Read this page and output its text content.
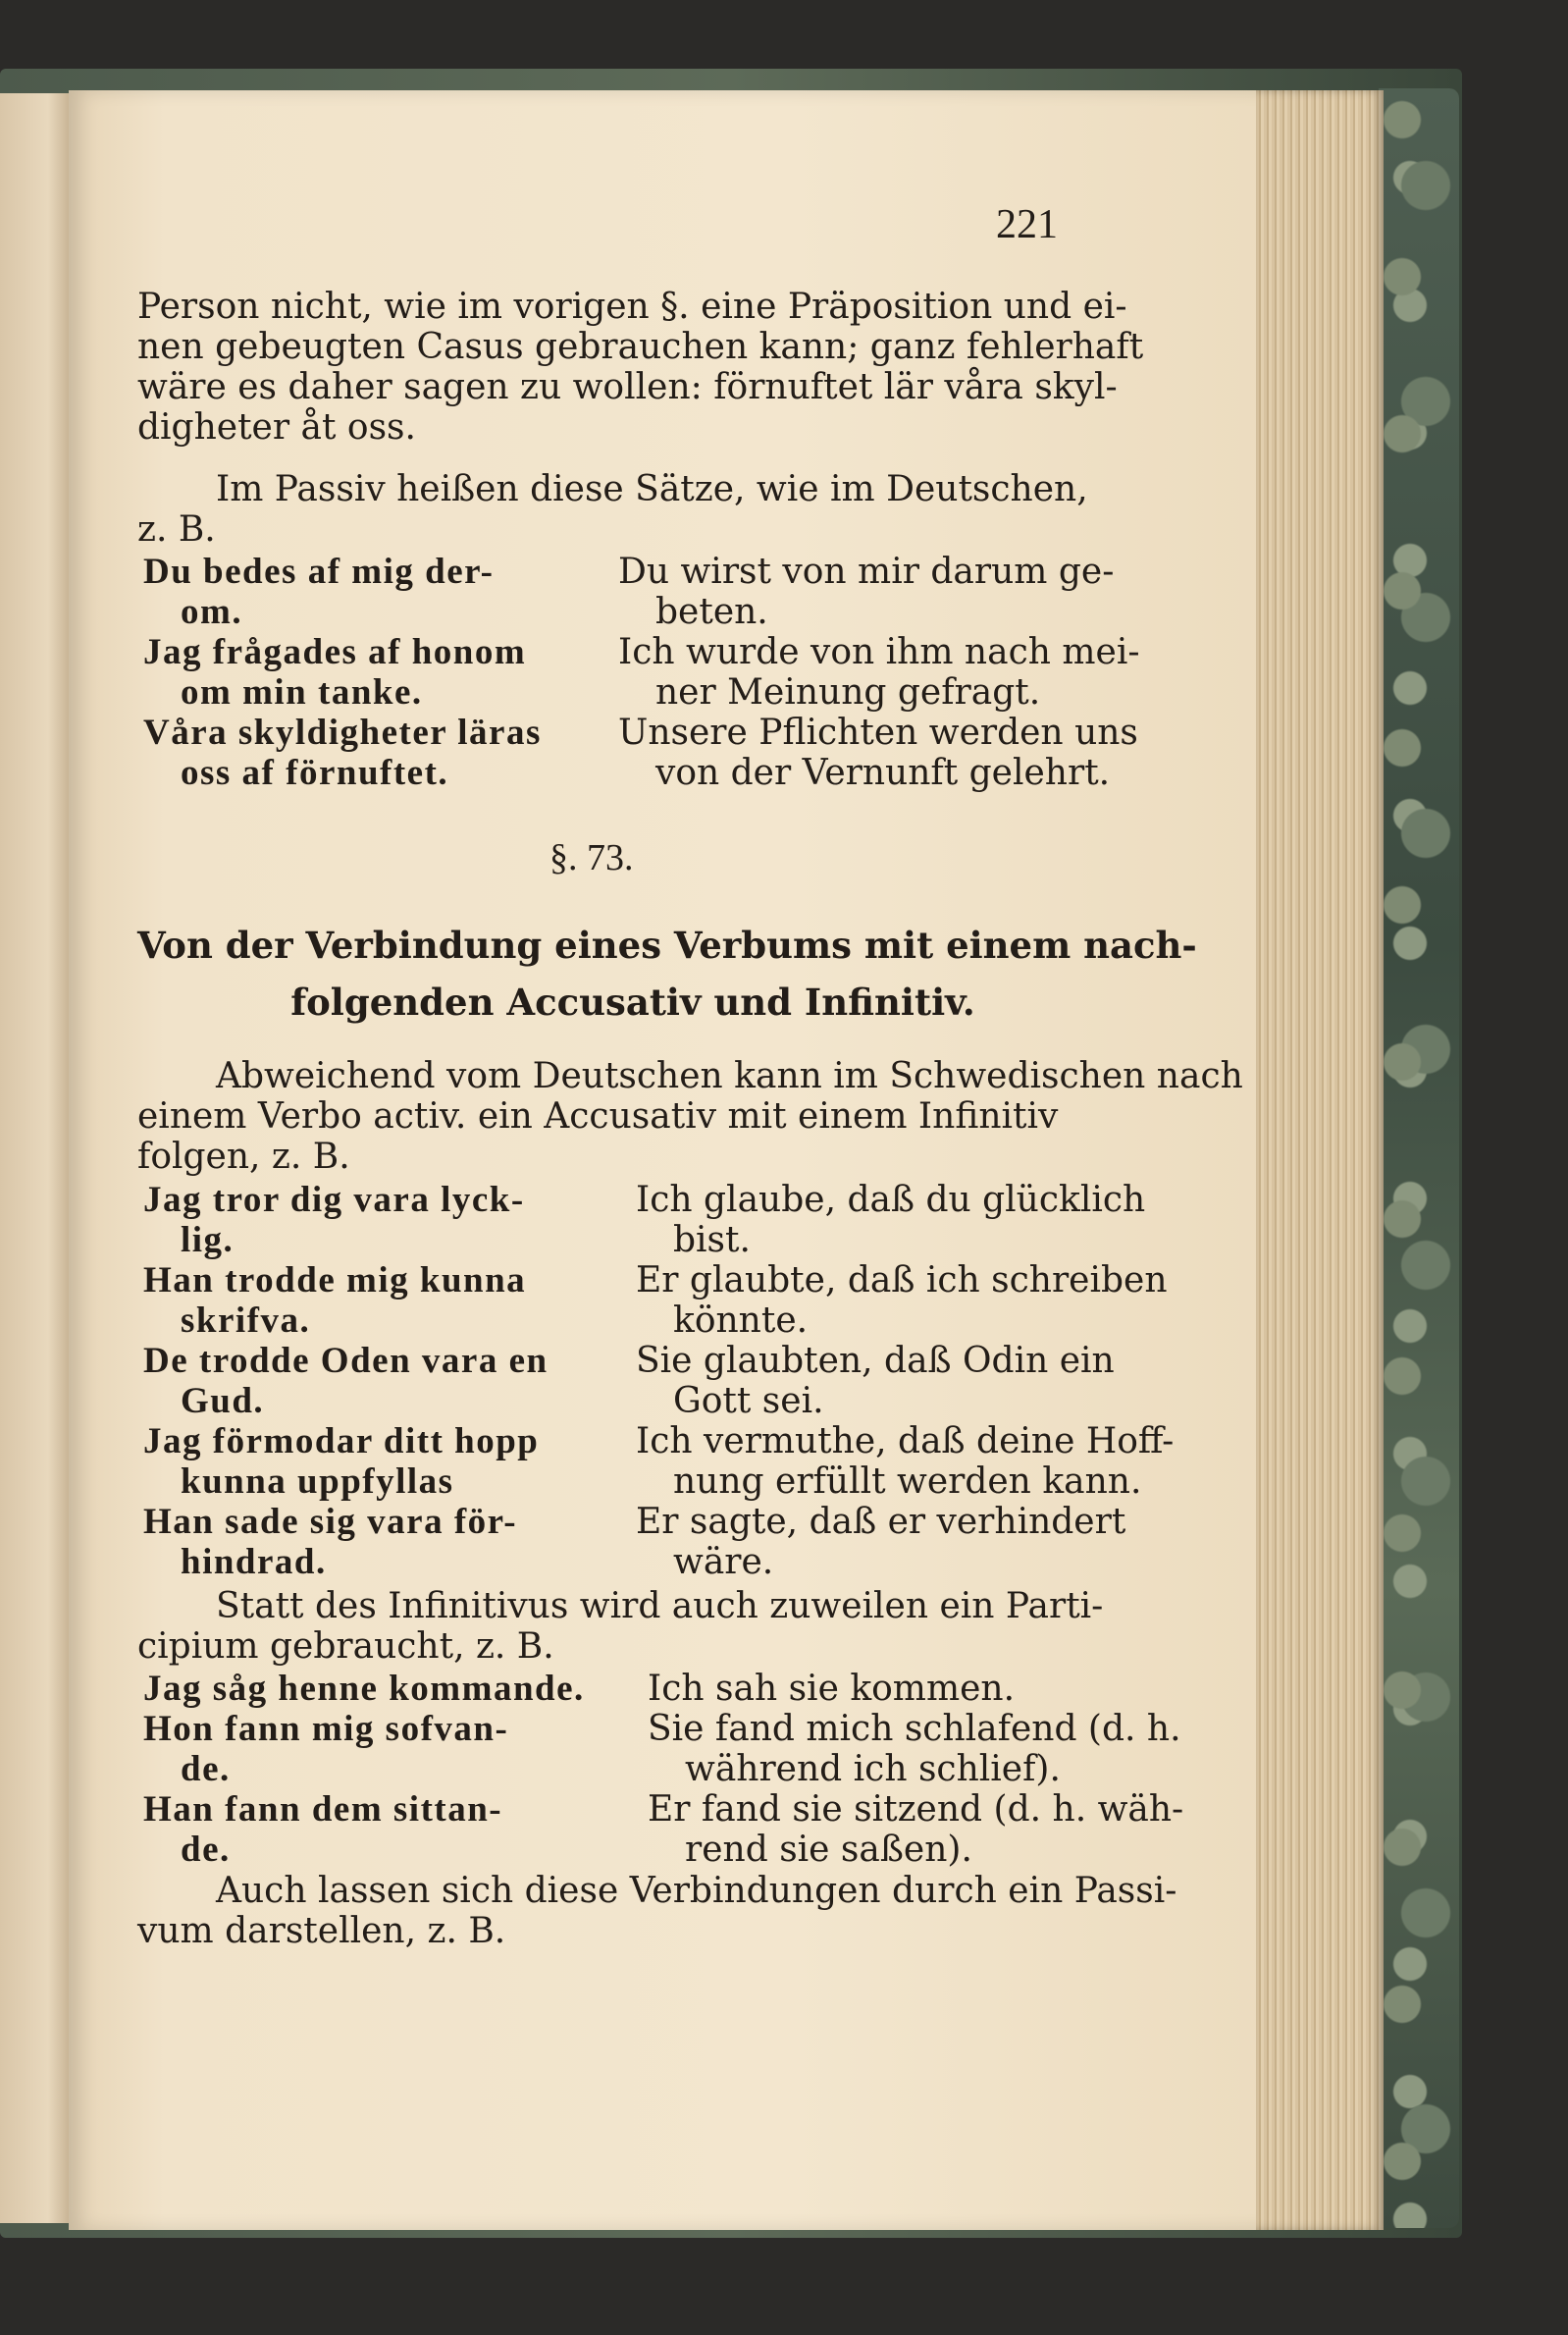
221
Person nicht, wie im vorigen §. eine Präposition und ei-
nen gebeugten Casus gebrauchen kann; ganz fehlerhaft
wäre es daher sagen zu wollen: förnuftet lär våra skyl-
digheter åt oss.
Im Passiv heißen diese Sätze, wie im Deutschen,
z. B.
Du bedes af mig der-
om.
Jag frågades af honom
om min tanke.
Våra skyldigheter läras
oss af förnuftet.
Du wirst von mir darum ge-
beten.
Ich wurde von ihm nach mei-
ner Meinung gefragt.
Unsere Pflichten werden uns
von der Vernunft gelehrt.
§. 73.
Von der Verbindung eines Verbums mit einem nach-
folgenden Accusativ und Infinitiv.
Abweichend vom Deutschen kann im Schwedischen nach
einem Verbo activ. ein Accusativ mit einem Infinitiv
folgen, z. B.
Jag tror dig vara lyck-
lig.
Han trodde mig kunna
skrifva.
De trodde Oden vara en
Gud.
Jag förmodar ditt hopp
kunna uppfyllas
Han sade sig vara för-
hindrad.
Ich glaube, daß du glücklich
bist.
Er glaubte, daß ich schreiben
könnte.
Sie glaubten, daß Odin ein
Gott sei.
Ich vermuthe, daß deine Hoff-
nung erfüllt werden kann.
Er sagte, daß er verhindert
wäre.
Statt des Infinitivus wird auch zuweilen ein Parti-
cipium gebraucht, z. B.
Jag såg henne kommande.
Hon fann mig sofvan-
de.
Han fann dem sittan-
de.
Ich sah sie kommen.
Sie fand mich schlafend (d. h.
während ich schlief).
Er fand sie sitzend (d. h. wäh-
rend sie saßen).
Auch lassen sich diese Verbindungen durch ein Passi-
vum darstellen, z. B.
